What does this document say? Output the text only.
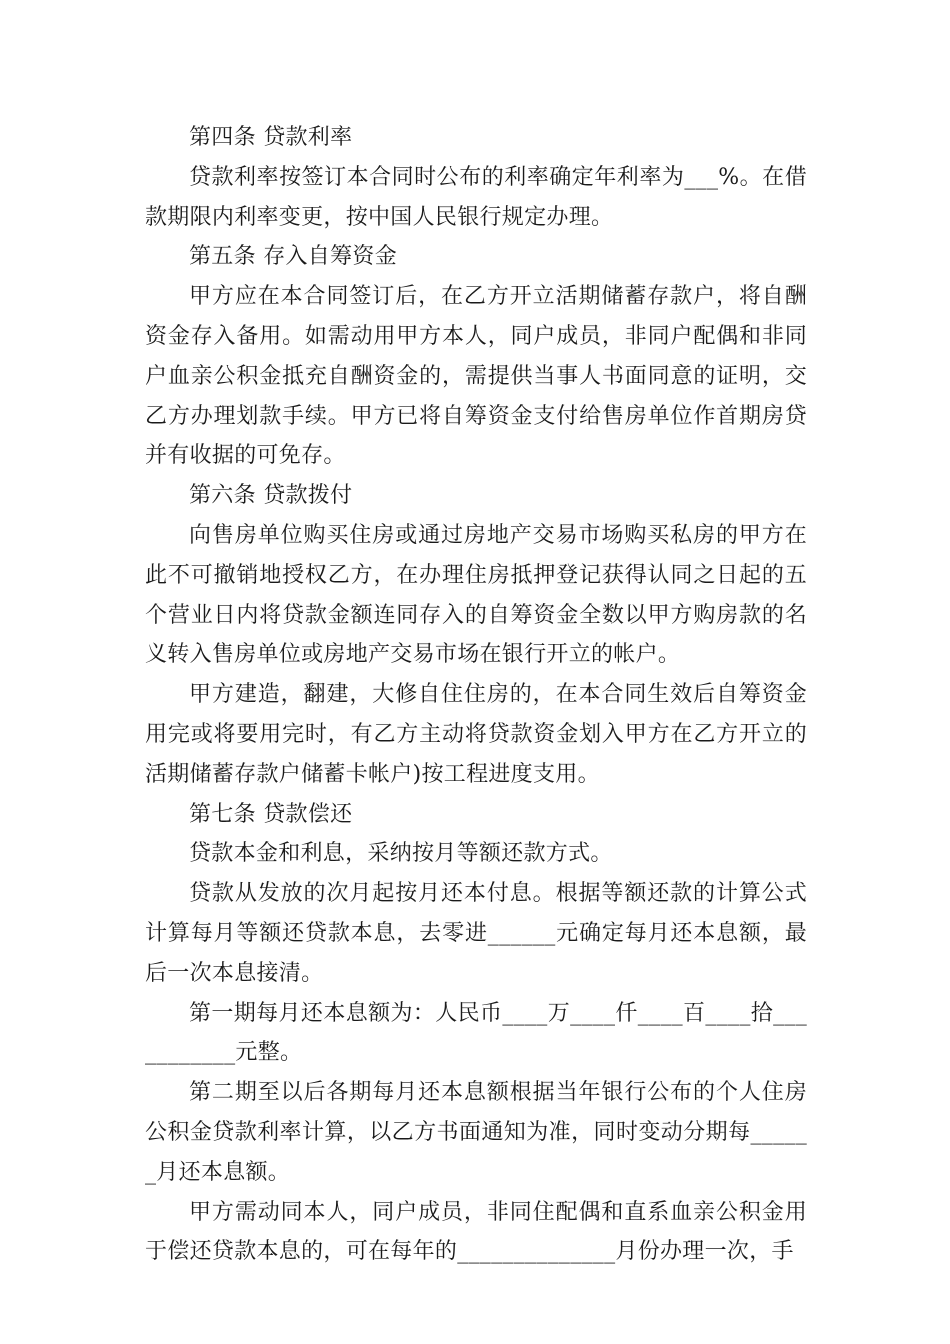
第四条 贷款利率

贷款利率按签订本合同时公布的利率确定年利率为___%。在借款期限内利率变更，按中国人民银行规定办理。

第五条 存入自筹资金

甲方应在本合同签订后，在乙方开立活期储蓄存款户，将自酬资金存入备用。如需动用甲方本人，同户成员，非同户配偶和非同户血亲公积金抵充自酬资金的，需提供当事人书面同意的证明，交乙方办理划款手续。甲方已将自筹资金支付给售房单位作首期房贷并有收据的可免存。

第六条 贷款拨付

向售房单位购买住房或通过房地产交易市场购买私房的甲方在此不可撤销地授权乙方，在办理住房抵押登记获得认同之日起的五个营业日内将贷款金额连同存入的自筹资金全数以甲方购房款的名义转入售房单位或房地产交易市场在银行开立的帐户。

甲方建造，翻建，大修自住住房的，在本合同生效后自筹资金用完或将要用完时，有乙方主动将贷款资金划入甲方在乙方开立的活期储蓄存款户储蓄卡帐户)按工程进度支用。

第七条 贷款偿还

贷款本金和利息，采纳按月等额还款方式。

贷款从发放的次月起按月还本付息。根据等额还款的计算公式计算每月等额还贷款本息，去零进______元确定每月还本息额，最后一次本息接清。

第一期每月还本息额为：人民币____万____仟____百____拾___________元整。

第二期至以后各期每月还本息额根据当年银行公布的个人住房公积金贷款利率计算，以乙方书面通知为准，同时变动分期每______月还本息额。

甲方需动同本人，同户成员，非同住配偶和直系血亲公积金用于偿还贷款本息的，可在每年的______________月份办理一次，手
